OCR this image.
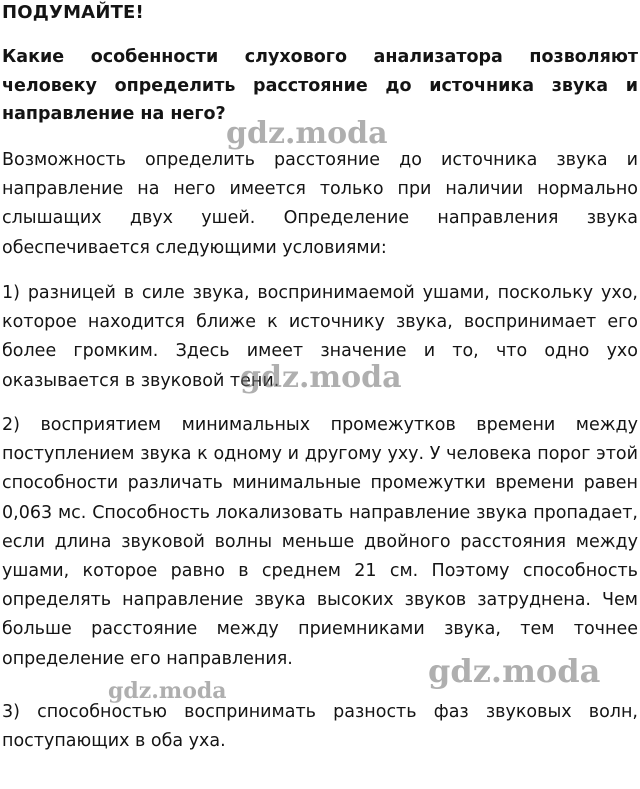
ПОДУМАЙТЕ!

Какие особенности слухового анализатора позволяют человеку определить расстояние до источника звука и направление на него?

Возможность определить расстояние до источника звука и направление на него имеется только при наличии нормально слышащих двух ушей. Определение направления звука обеспечивается следующими условиями:

1) разницей в силе звука, воспринимаемой ушами, поскольку ухо, которое находится ближе к источнику звука, воспринимает его более громким. Здесь имеет значение и то, что одно ухо оказывается в звуковой тени.

2) восприятием минимальных промежутков времени между поступлением звука к одному и другому уху. У человека порог этой способности различать минимальные промежутки времени равен 0,063 мс. Способность локализовать направление звука пропадает, если длина звуковой волны меньше двойного расстояния между ушами, которое равно в среднем 21 см. Поэтому способность определять направление звука высоких звуков затруднена. Чем больше расстояние между приемниками звука, тем точнее определение его направления.

3) способностью воспринимать разность фаз звуковых волн, поступающих в оба уха.

gdz.moda
gdz.moda
gdz.moda
gdz.moda
